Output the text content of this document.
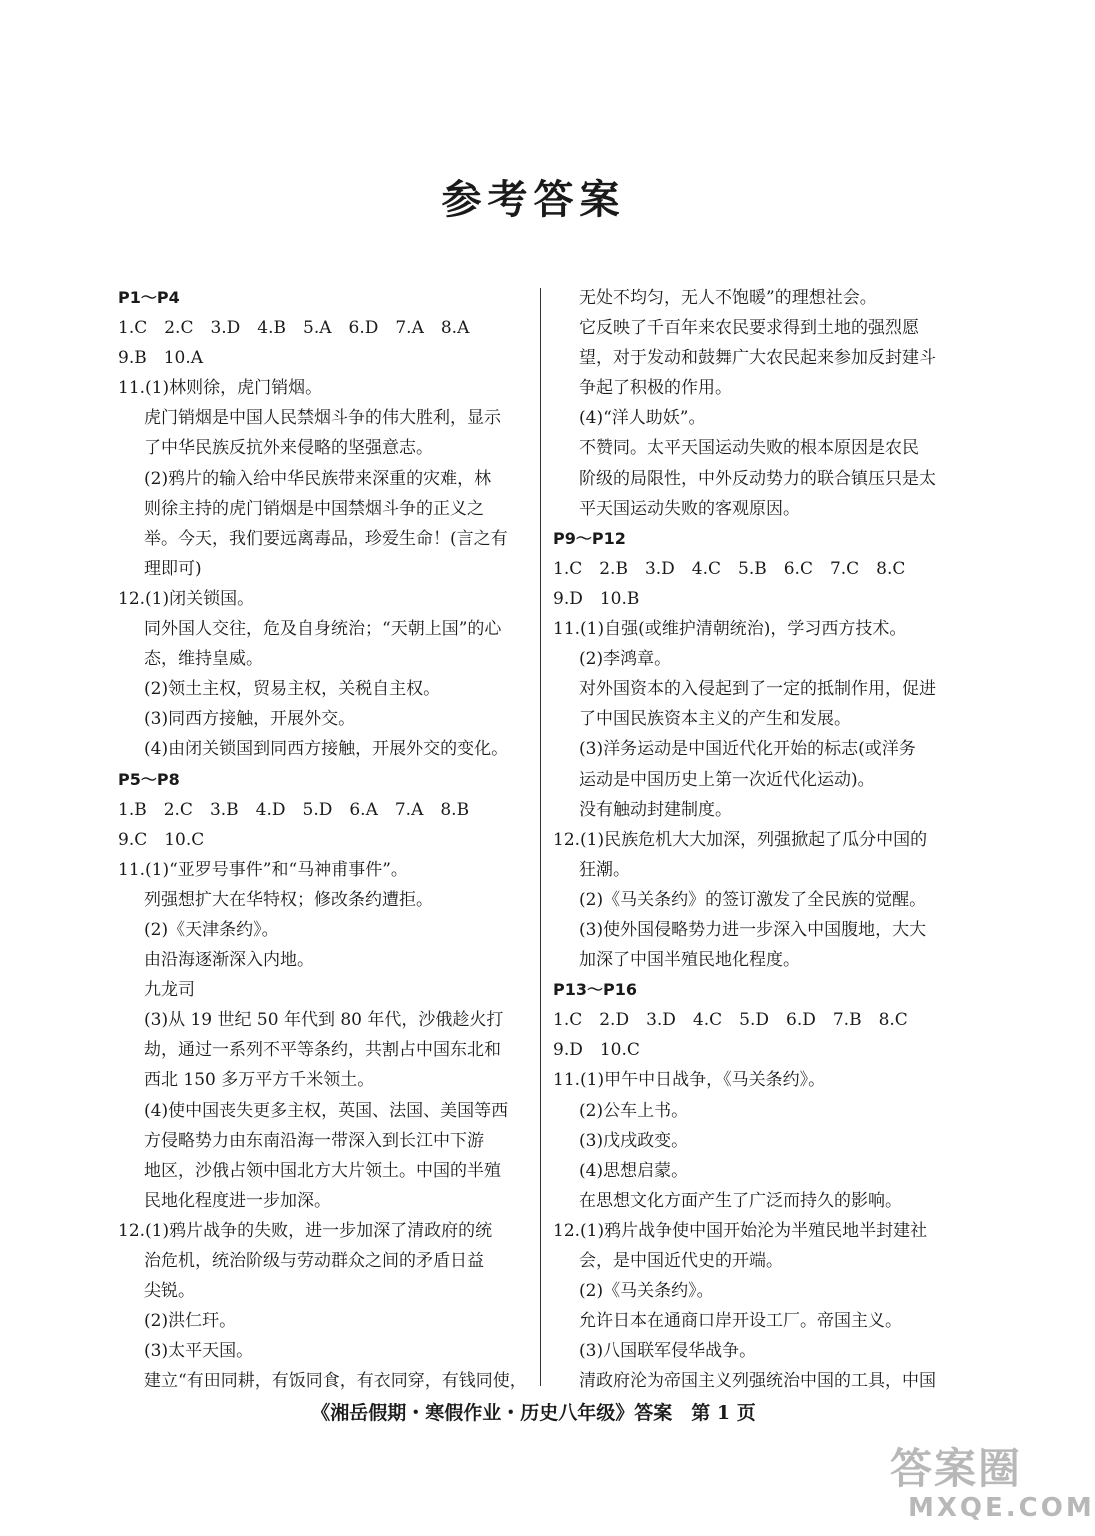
参考答案
P1～P4
1.C　2.C　3.D　4.B　5.A　6.D　7.A　8.A
9.B　10.A
11.(1)林则徐，虎门销烟。
虎门销烟是中国人民禁烟斗争的伟大胜利，显示
了中华民族反抗外来侵略的坚强意志。
(2)鸦片的输入给中华民族带来深重的灾难，林
则徐主持的虎门销烟是中国禁烟斗争的正义之
举。今天，我们要远离毒品，珍爱生命！(言之有
理即可)
12.(1)闭关锁国。
同外国人交往，危及自身统治；“天朝上国”的心
态，维持皇威。
(2)领土主权，贸易主权，关税自主权。
(3)同西方接触，开展外交。
(4)由闭关锁国到同西方接触，开展外交的变化。
P5～P8
1.B　2.C　3.B　4.D　5.D　6.A　7.A　8.B
9.C　10.C
11.(1)“亚罗号事件”和“马神甫事件”。
列强想扩大在华特权；修改条约遭拒。
(2)《天津条约》。
由沿海逐渐深入内地。
九龙司
(3)从 19 世纪 50 年代到 80 年代，沙俄趁火打
劫，通过一系列不平等条约，共割占中国东北和
西北 150 多万平方千米领土。
(4)使中国丧失更多主权，英国、法国、美国等西
方侵略势力由东南沿海一带深入到长江中下游
地区，沙俄占领中国北方大片领土。中国的半殖
民地化程度进一步加深。
12.(1)鸦片战争的失败，进一步加深了清政府的统
治危机，统治阶级与劳动群众之间的矛盾日益
尖锐。
(2)洪仁玕。
(3)太平天国。
建立“有田同耕，有饭同食，有衣同穿，有钱同使，
无处不均匀，无人不饱暖”的理想社会。
它反映了千百年来农民要求得到土地的强烈愿
望，对于发动和鼓舞广大农民起来参加反封建斗
争起了积极的作用。
(4)“洋人助妖”。
不赞同。太平天国运动失败的根本原因是农民
阶级的局限性，中外反动势力的联合镇压只是太
平天国运动失败的客观原因。
P9～P12
1.C　2.B　3.D　4.C　5.B　6.C　7.C　8.C
9.D　10.B
11.(1)自强(或维护清朝统治)，学习西方技术。
(2)李鸿章。
对外国资本的入侵起到了一定的抵制作用，促进
了中国民族资本主义的产生和发展。
(3)洋务运动是中国近代化开始的标志(或洋务
运动是中国历史上第一次近代化运动)。
没有触动封建制度。
12.(1)民族危机大大加深，列强掀起了瓜分中国的
狂潮。
(2)《马关条约》的签订激发了全民族的觉醒。
(3)使外国侵略势力进一步深入中国腹地，大大
加深了中国半殖民地化程度。
P13～P16
1.C　2.D　3.D　4.C　5.D　6.D　7.B　8.C
9.D　10.C
11.(1)甲午中日战争，《马关条约》。
(2)公车上书。
(3)戊戌政变。
(4)思想启蒙。
在思想文化方面产生了广泛而持久的影响。
12.(1)鸦片战争使中国开始沦为半殖民地半封建社
会，是中国近代史的开端。
(2)《马关条约》。
允许日本在通商口岸开设工厂。帝国主义。
(3)八国联军侵华战争。
清政府沦为帝国主义列强统治中国的工具，中国
《湘岳假期・寒假作业・历史八年级》答案　第 1 页
答案圈
MXQE.COM
